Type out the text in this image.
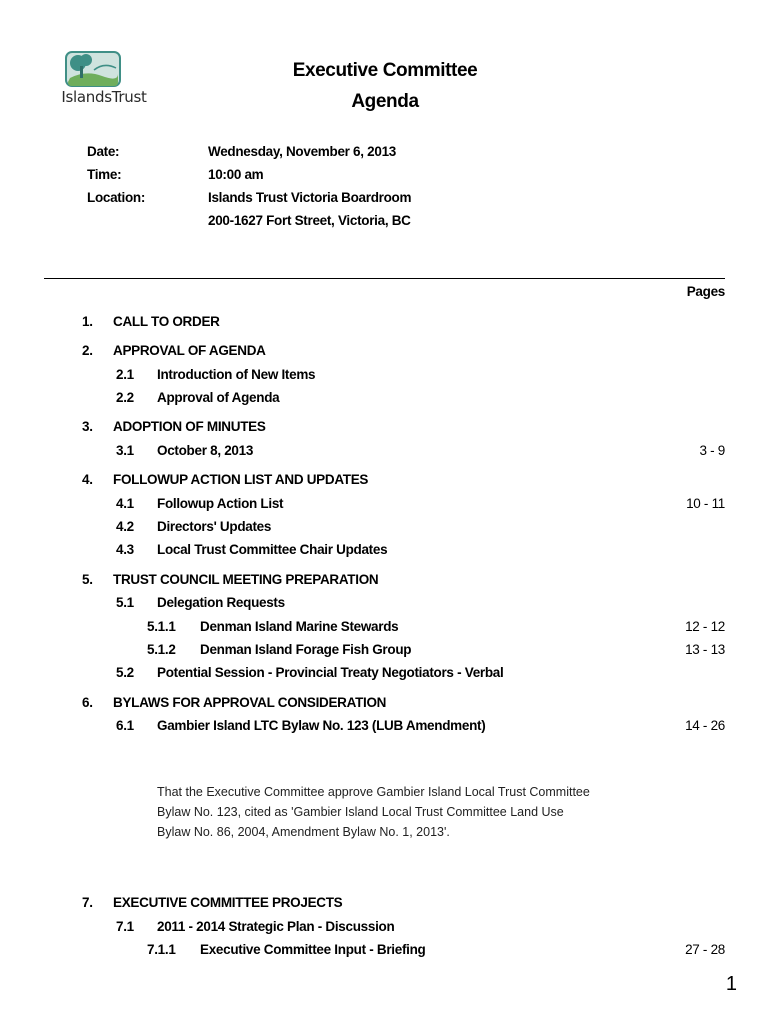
IslandsTrust
Executive Committee
Agenda
Date:	Wednesday, November 6, 2013
Time:	10:00 am
Location:	Islands Trust Victoria Boardroom
200-1627 Fort Street, Victoria, BC
Pages
1. CALL TO ORDER
2. APPROVAL OF AGENDA
2.1 Introduction of New Items
2.2 Approval of Agenda
3. ADOPTION OF MINUTES
3.1 October 8, 2013	3 - 9
4. FOLLOWUP ACTION LIST AND UPDATES
4.1 Followup Action List	10 - 11
4.2 Directors' Updates
4.3 Local Trust Committee Chair Updates
5. TRUST COUNCIL MEETING PREPARATION
5.1 Delegation Requests
5.1.1 Denman Island Marine Stewards	12 - 12
5.1.2 Denman Island Forage Fish Group	13 - 13
5.2 Potential Session - Provincial Treaty Negotiators - Verbal
6. BYLAWS FOR APPROVAL CONSIDERATION
6.1 Gambier Island LTC Bylaw No. 123 (LUB Amendment)	14 - 26
That the Executive Committee approve Gambier Island Local Trust Committee
Bylaw No. 123, cited as 'Gambier Island Local Trust Committee Land Use
Bylaw No. 86, 2004, Amendment Bylaw No. 1, 2013'.
7. EXECUTIVE COMMITTEE PROJECTS
7.1 2011 - 2014 Strategic Plan - Discussion
7.1.1 Executive Committee Input - Briefing	27 - 28
1
